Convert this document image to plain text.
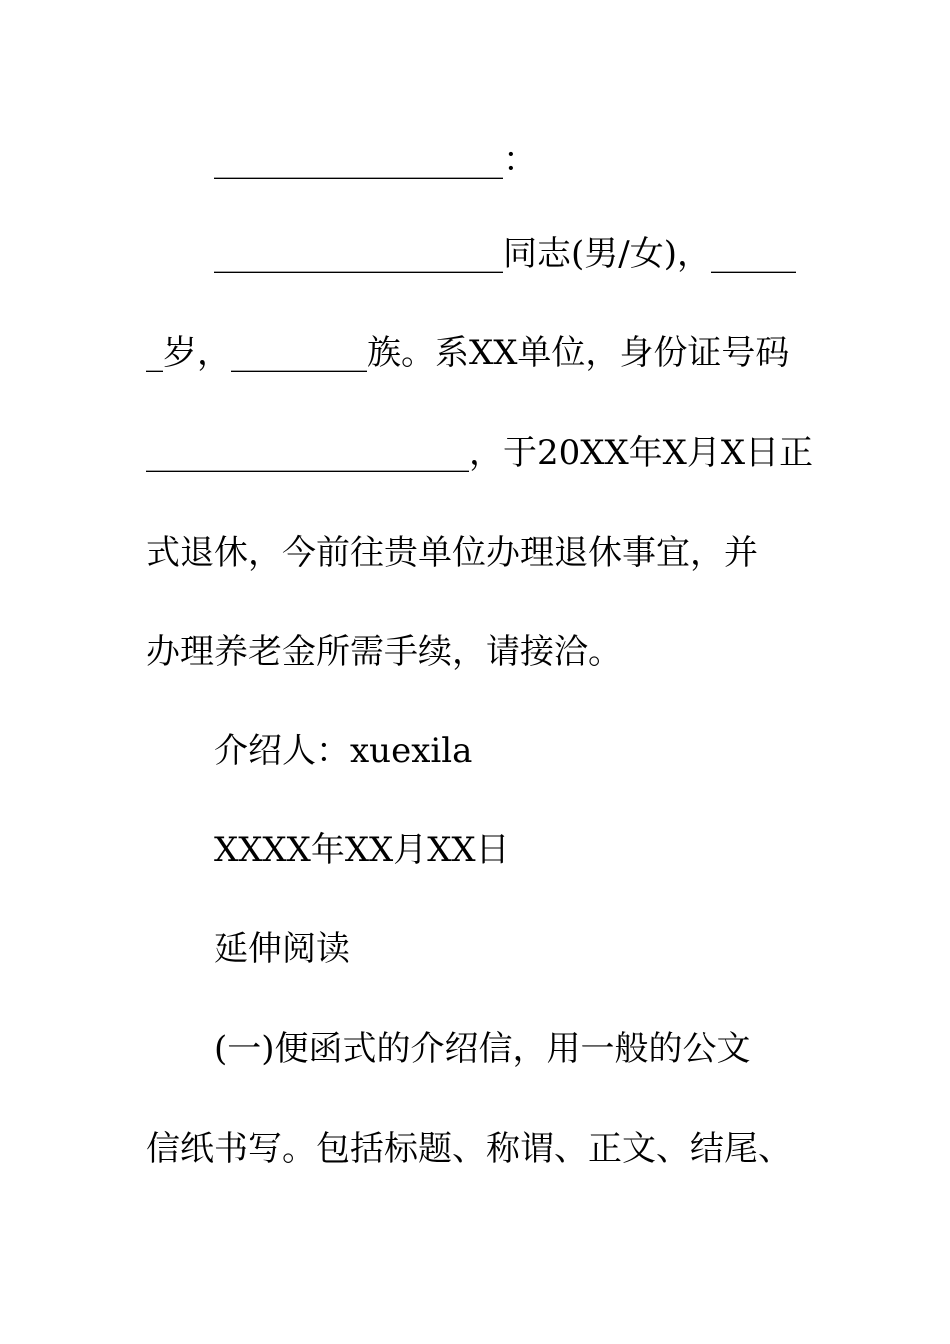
_________________：
_________________同志(男/女)，_____
_岁，________族。系XX单位，身份证号码
___________________，于20XX年X月X日正
式退休，今前往贵单位办理退休事宜，并
办理养老金所需手续，请接洽。
介绍人：xuexila
XXXX年XX月XX日
延伸阅读
(一)便函式的介绍信，用一般的公文
信纸书写。包括标题、称谓、正文、结尾、
